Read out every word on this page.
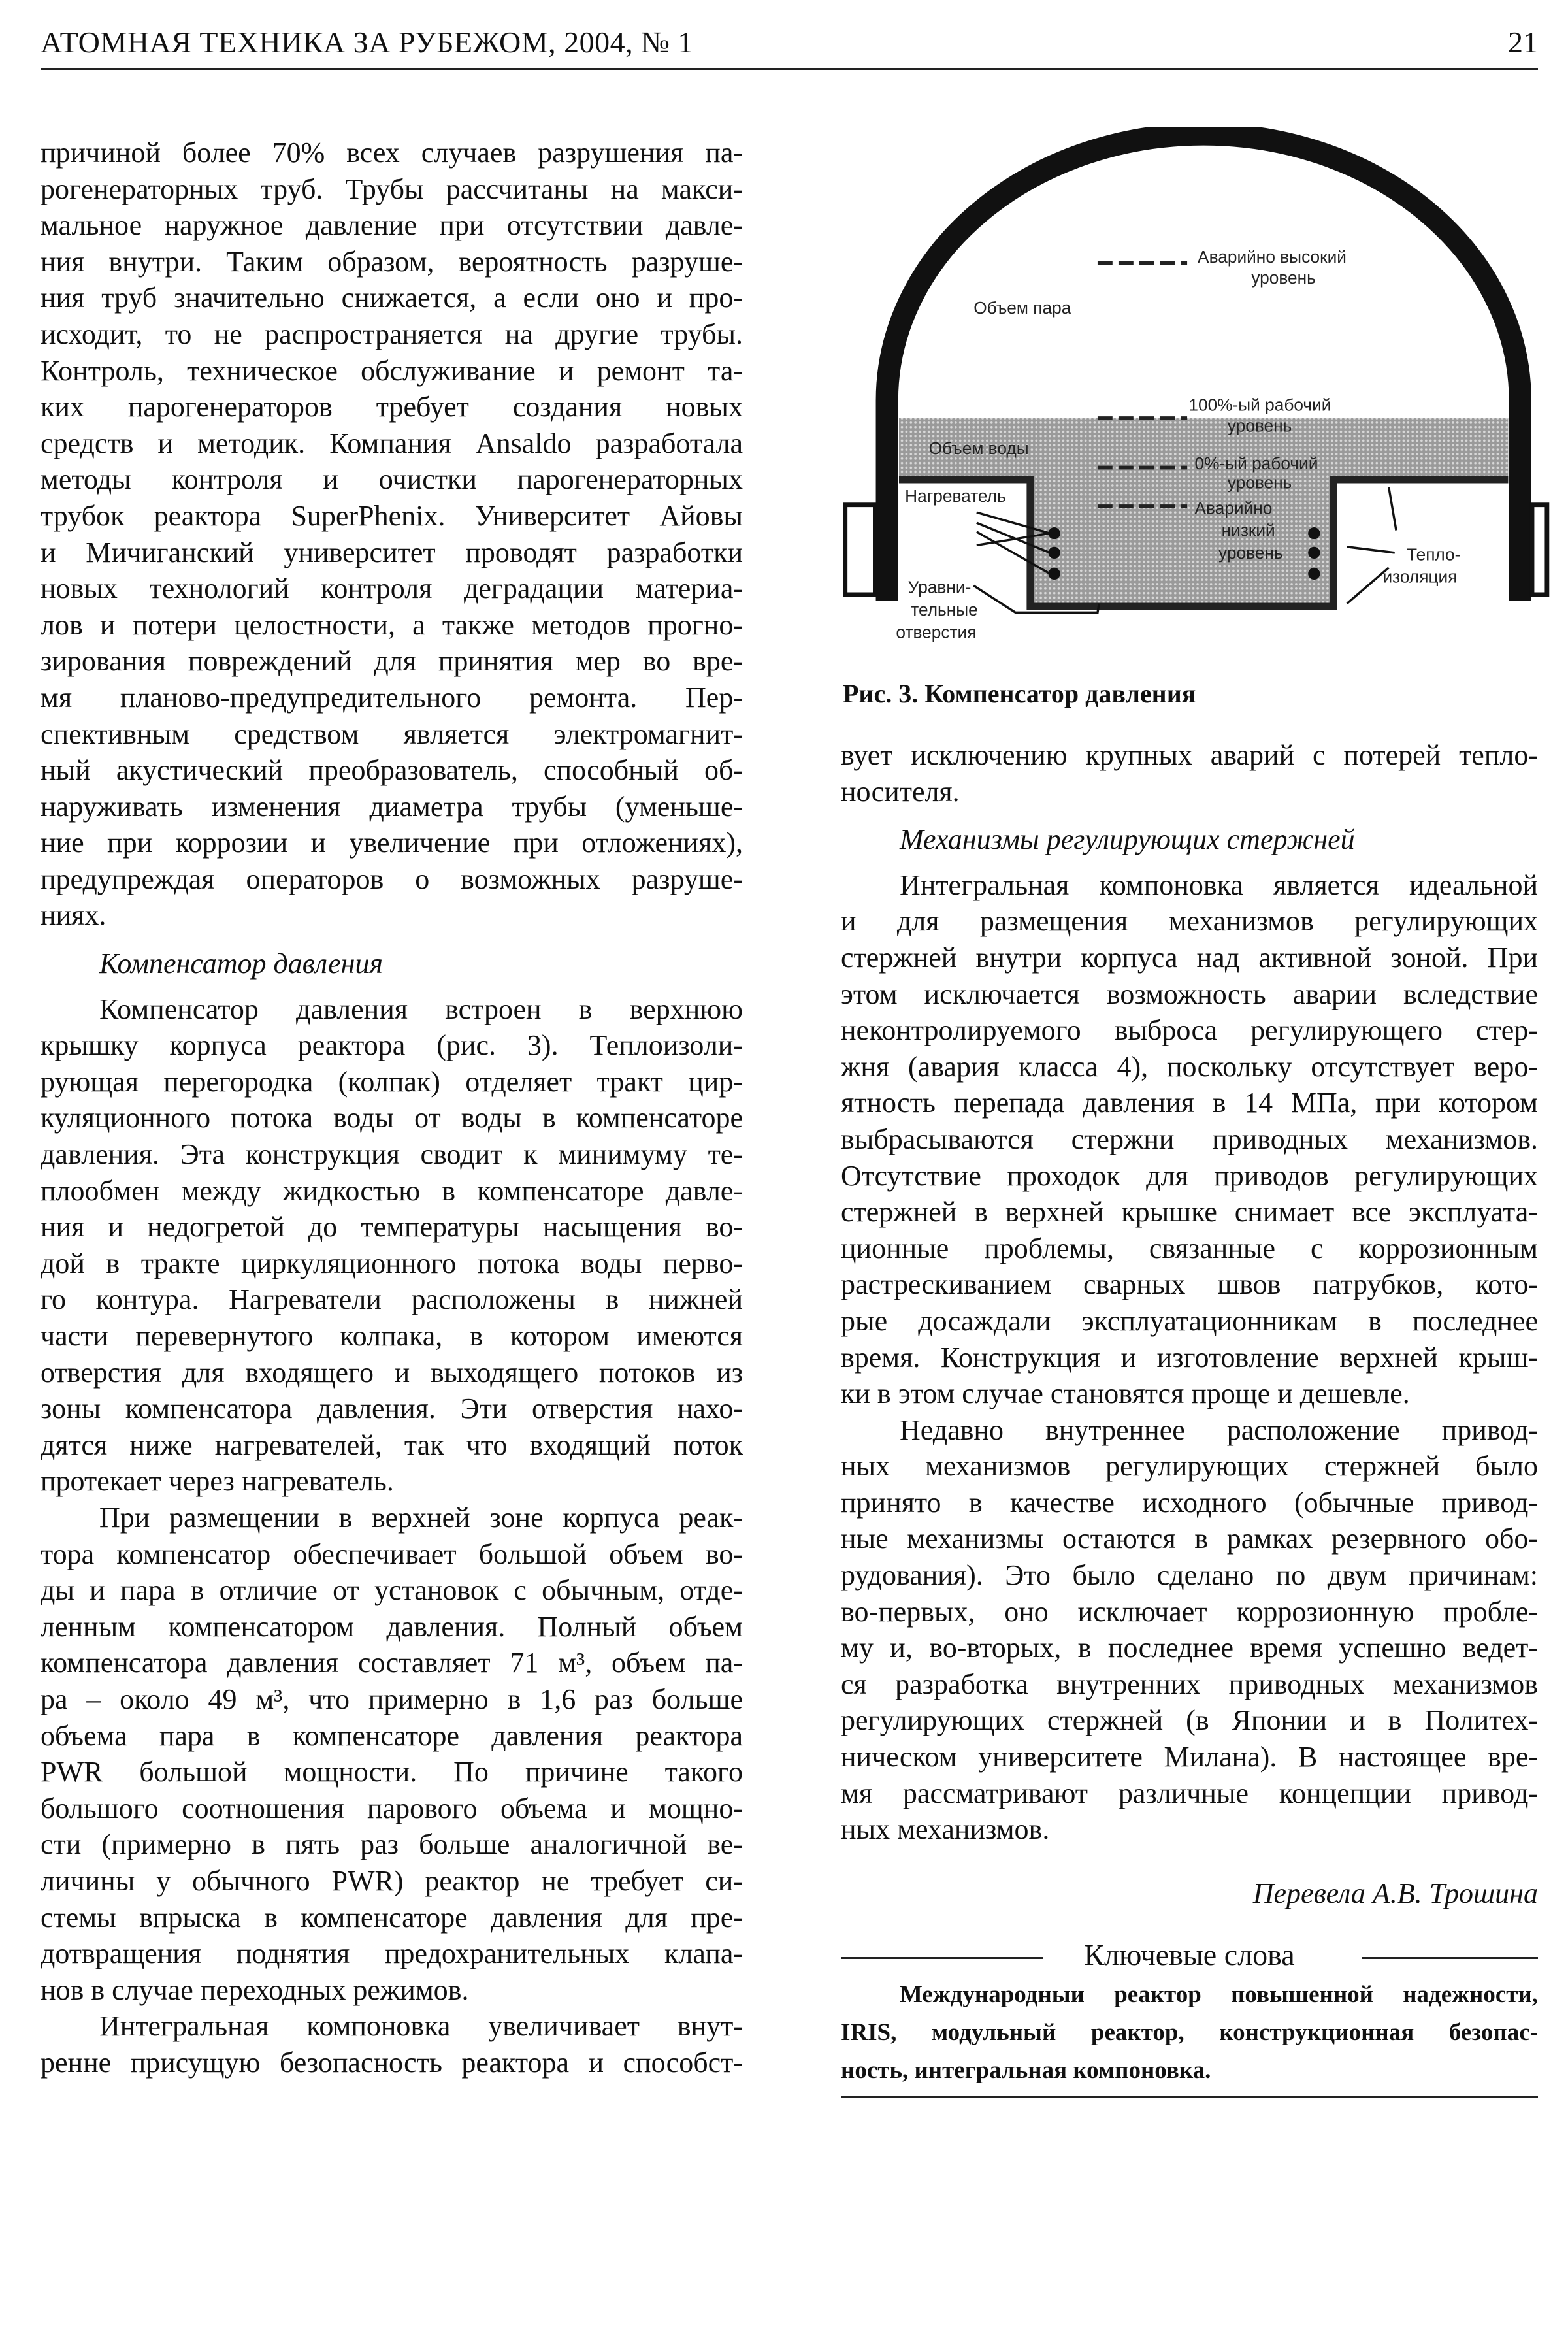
АТОМНАЯ ТЕХНИКА ЗА РУБЕЖОМ, 2004, № 1	21
причиной более 70% всех случаев разрушения па-
рогенераторных труб. Трубы рассчитаны на макси-
мальное наружное давление при отсутствии давле-
ния внутри. Таким образом, вероятность разруше-
ния труб значительно снижается, а если оно и про-
исходит, то не распространяется на другие трубы.
Контроль, техническое обслуживание и ремонт та-
ких парогенераторов требует создания новых
средств и методик. Компания Ansaldo разработала
методы контроля и очистки парогенераторных
трубок реактора SuperPhenix. Университет Айовы
и Мичиганский университет проводят разработки
новых технологий контроля деградации материа-
лов и потери целостности, а также методов прогно-
зирования повреждений для принятия мер во вре-
мя планово-предупредительного ремонта. Пер-
спективным средством является электромагнит-
ный акустический преобразователь, способный об-
наруживать изменения диаметра трубы (уменьше-
ние при коррозии и увеличение при отложениях),
предупреждая операторов о возможных разруше-
ниях.
Компенсатор давления
Компенсатор давления встроен в верхнюю
крышку корпуса реактора (рис. 3). Теплоизоли-
рующая перегородка (колпак) отделяет тракт цир-
куляционного потока воды от воды в компенсаторе
давления. Эта конструкция сводит к минимуму те-
плообмен между жидкостью в компенсаторе давле-
ния и недогретой до температуры насыщения во-
дой в тракте циркуляционного потока воды перво-
го контура. Нагреватели расположены в нижней
части перевернутого колпака, в котором имеются
отверстия для входящего и выходящего потоков из
зоны компенсатора давления. Эти отверстия нахо-
дятся ниже нагревателей, так что входящий поток
протекает через нагреватель.
При размещении в верхней зоне корпуса реак-
тора компенсатор обеспечивает большой объем во-
ды и пара в отличие от установок с обычным, отде-
ленным компенсатором давления. Полный объем
компенсатора давления составляет 71 м³, объем па-
ра – около 49 м³, что примерно в 1,6 раз больше
объема пара в компенсаторе давления реактора
PWR большой мощности. По причине такого
большого соотношения парового объема и мощно-
сти (примерно в пять раз больше аналогичной ве-
личины у обычного PWR) реактор не требует си-
стемы впрыска в компенсаторе давления для пре-
дотвращения поднятия предохранительных клапа-
нов в случае переходных режимов.
Интегральная компоновка увеличивает внут-
ренне присущую безопасность реактора и способст-
Аварийно высокий
уровень
Объем пара
100%-ый рабочий
уровень
Объем воды
0%-ый рабочий
уровень
Нагреватель
Аварийно
низкий
уровень
Уравни-
тельные
отверстия
Тепло-
изоляция
Рис. 3. Компенсатор давления
вует исключению крупных аварий с потерей тепло-
носителя.
Механизмы регулирующих стержней
Интегральная компоновка является идеальной
и для размещения механизмов регулирующих
стержней внутри корпуса над активной зоной. При
этом исключается возможность аварии вследствие
неконтролируемого выброса регулирующего стер-
жня (авария класса 4), поскольку отсутствует веро-
ятность перепада давления в 14 МПа, при котором
выбрасываются стержни приводных механизмов.
Отсутствие проходок для приводов регулирующих
стержней в верхней крышке снимает все эксплуата-
ционные проблемы, связанные с коррозионным
растрескиванием сварных швов патрубков, кото-
рые досаждали эксплуатационникам в последнее
время. Конструкция и изготовление верхней крыш-
ки в этом случае становятся проще и дешевле.
Недавно внутреннее расположение привод-
ных механизмов регулирующих стержней было
принято в качестве исходного (обычные привод-
ные механизмы остаются в рамках резервного обо-
рудования). Это было сделано по двум причинам:
во-первых, оно исключает коррозионную пробле-
му и, во-вторых, в последнее время успешно ведет-
ся разработка внутренних приводных механизмов
регулирующих стержней (в Японии и в Политех-
ническом университете Милана). В настоящее вре-
мя рассматривают различные концепции привод-
ных механизмов.
Перевела А.В. Трошина
Ключевые слова
Международныи реактор повышенной надежности,
IRIS, модульный реактор, конструкционная безопас-
ность, интегральная компоновка.
